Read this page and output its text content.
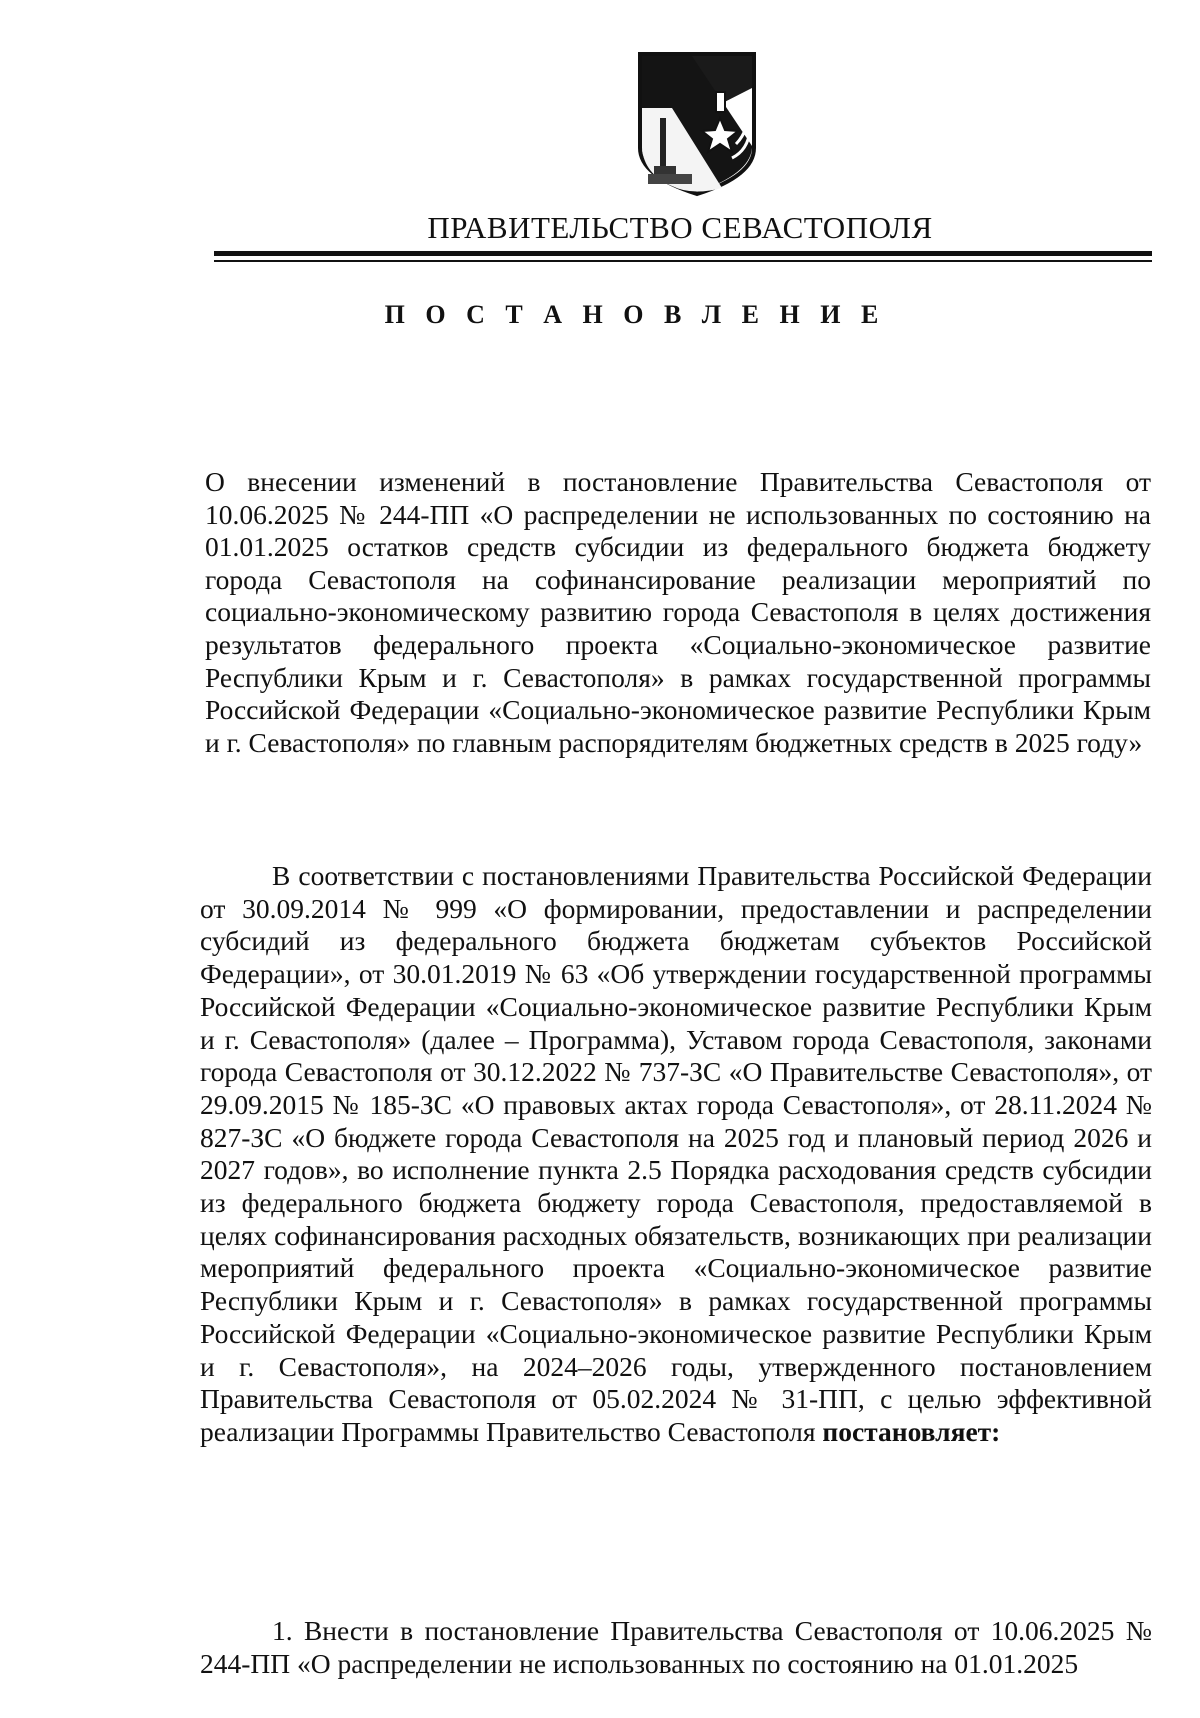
ПРАВИТЕЛЬСТВО СЕВАСТОПОЛЯ
П О С Т А Н О В Л Е Н И Е
О внесении изменений в постановление Правительства Севастополя от 10.06.2025 № 244-ПП «О распределении не использованных по состоянию на 01.01.2025 остатков средств субсидии из федерального бюджета бюджету города Севастополя на софинансирование реализации мероприятий по социально-экономическому развитию города Севастополя в целях достижения результатов федерального проекта «Социально-экономическое развитие Республики Крым и г. Севастополя» в рамках государственной программы Российской Федерации «Социально-экономическое развитие Республики Крым и г. Севастополя» по главным распорядителям бюджетных средств в 2025 году»
В соответствии с постановлениями Правительства Российской Федерации от 30.09.2014 № 999 «О формировании, предоставлении и распределении субсидий из федерального бюджета бюджетам субъектов Российской Федерации», от 30.01.2019 № 63 «Об утверждении государственной программы Российской Федерации «Социально-экономическое развитие Республики Крым и г. Севастополя» (далее – Программа), Уставом города Севастополя, законами города Севастополя от 30.12.2022 № 737-ЗС «О Правительстве Севастополя», от 29.09.2015 № 185-ЗС «О правовых актах города Севастополя», от 28.11.2024 № 827-ЗС «О бюджете города Севастополя на 2025 год и плановый период 2026 и 2027 годов», во исполнение пункта 2.5 Порядка расходования средств субсидии из федерального бюджета бюджету города Севастополя, предоставляемой в целях софинансирования расходных обязательств, возникающих при реализации мероприятий федерального проекта «Социально-экономическое развитие Республики Крым и г. Севастополя» в рамках государственной программы Российской Федерации «Социально-экономическое развитие Республики Крым и г. Севастополя», на 2024–2026 годы, утвержденного постановлением Правительства Севастополя от 05.02.2024 № 31-ПП, с целью эффективной реализации Программы Правительство Севастополя постановляет:
1. Внести в постановление Правительства Севастополя от 10.06.2025 № 244-ПП «О распределении не использованных по состоянию на 01.01.2025
